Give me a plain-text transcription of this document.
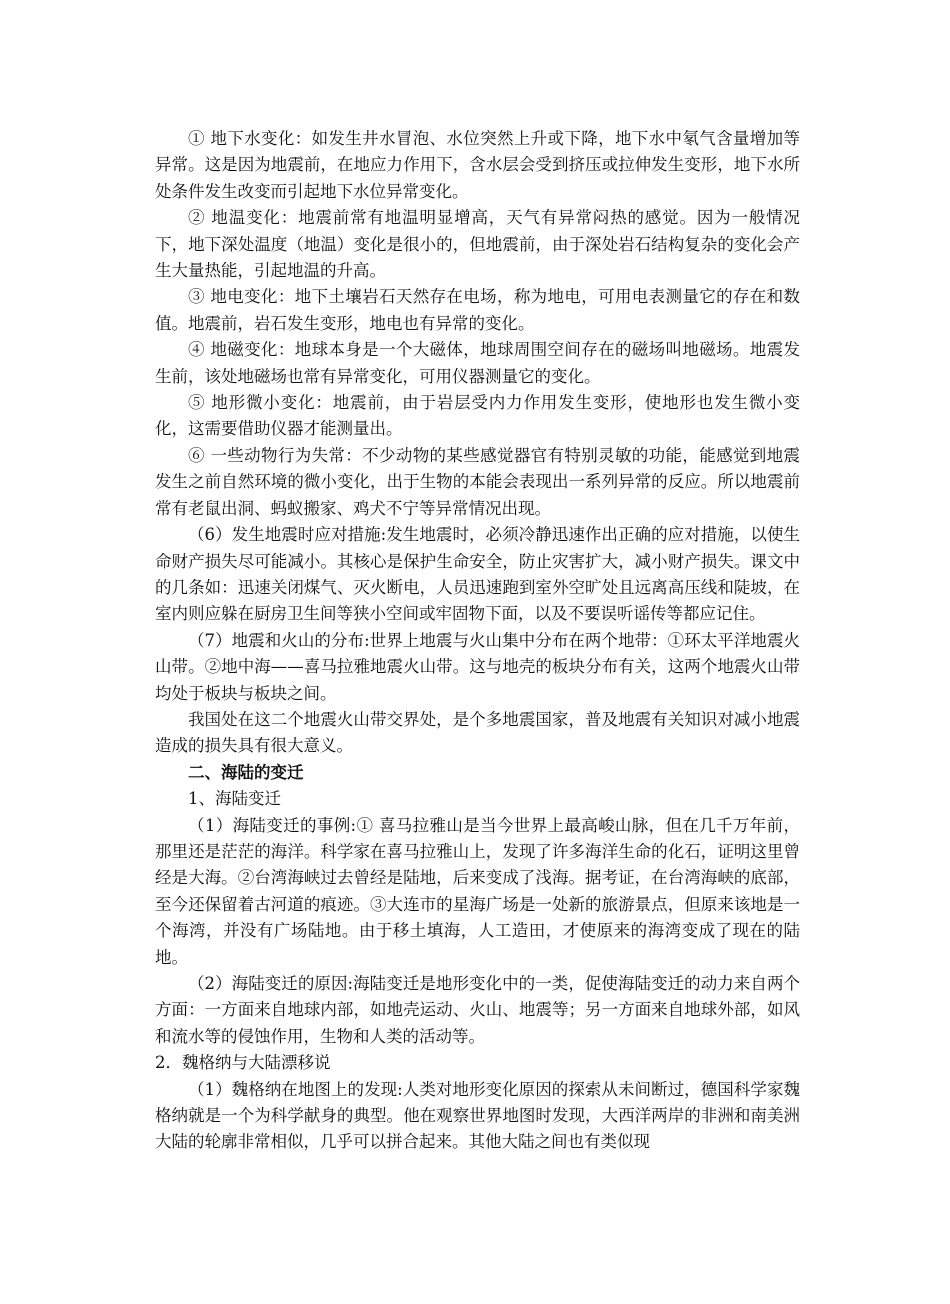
① 地下水变化：如发生井水冒泡、水位突然上升或下降，地下水中氡气含量增加等异常。这是因为地震前，在地应力作用下，含水层会受到挤压或拉伸发生变形，地下水所处条件发生改变而引起地下水位异常变化。

② 地温变化：地震前常有地温明显增高，天气有异常闷热的感觉。因为一般情况下，地下深处温度（地温）变化是很小的，但地震前，由于深处岩石结构复杂的变化会产生大量热能，引起地温的升高。

③ 地电变化：地下土壤岩石天然存在电场，称为地电，可用电表测量它的存在和数值。地震前，岩石发生变形，地电也有异常的变化。

④ 地磁变化：地球本身是一个大磁体，地球周围空间存在的磁场叫地磁场。地震发生前，该处地磁场也常有异常变化，可用仪器测量它的变化。

⑤ 地形微小变化：地震前，由于岩层受内力作用发生变形，使地形也发生微小变化，这需要借助仪器才能测量出。

⑥ 一些动物行为失常：不少动物的某些感觉器官有特别灵敏的功能，能感觉到地震发生之前自然环境的微小变化，出于生物的本能会表现出一系列异常的反应。所以地震前常有老鼠出洞、蚂蚁搬家、鸡犬不宁等异常情况出现。

（6）发生地震时应对措施:发生地震时，必须冷静迅速作出正确的应对措施，以使生命财产损失尽可能减小。其核心是保护生命安全，防止灾害扩大，减小财产损失。课文中的几条如：迅速关闭煤气、灭火断电，人员迅速跑到室外空旷处且远离高压线和陡坡，在室内则应躲在厨房卫生间等狭小空间或牢固物下面，以及不要误听谣传等都应记住。

（7）地震和火山的分布:世界上地震与火山集中分布在两个地带：①环太平洋地震火山带。②地中海——喜马拉雅地震火山带。这与地壳的板块分布有关，这两个地震火山带均处于板块与板块之间。

我国处在这二个地震火山带交界处，是个多地震国家，普及地震有关知识对减小地震造成的损失具有很大意义。

二、海陆的变迁

1、海陆变迁

（1）海陆变迁的事例:① 喜马拉雅山是当今世界上最高峻山脉，但在几千万年前，那里还是茫茫的海洋。科学家在喜马拉雅山上，发现了许多海洋生命的化石，证明这里曾经是大海。②台湾海峡过去曾经是陆地，后来变成了浅海。据考证，在台湾海峡的底部，至今还保留着古河道的痕迹。③大连市的星海广场是一处新的旅游景点，但原来该地是一个海湾，并没有广场陆地。由于移土填海，人工造田，才使原来的海湾变成了现在的陆地。

（2）海陆变迁的原因:海陆变迁是地形变化中的一类，促使海陆变迁的动力来自两个方面：一方面来自地球内部，如地壳运动、火山、地震等；另一方面来自地球外部，如风和流水等的侵蚀作用，生物和人类的活动等。

2．魏格纳与大陆漂移说

（1）魏格纳在地图上的发现:人类对地形变化原因的探索从未间断过，德国科学家魏格纳就是一个为科学献身的典型。他在观察世界地图时发现，大西洋两岸的非洲和南美洲大陆的轮廓非常相似，几乎可以拼合起来。其他大陆之间也有类似现
